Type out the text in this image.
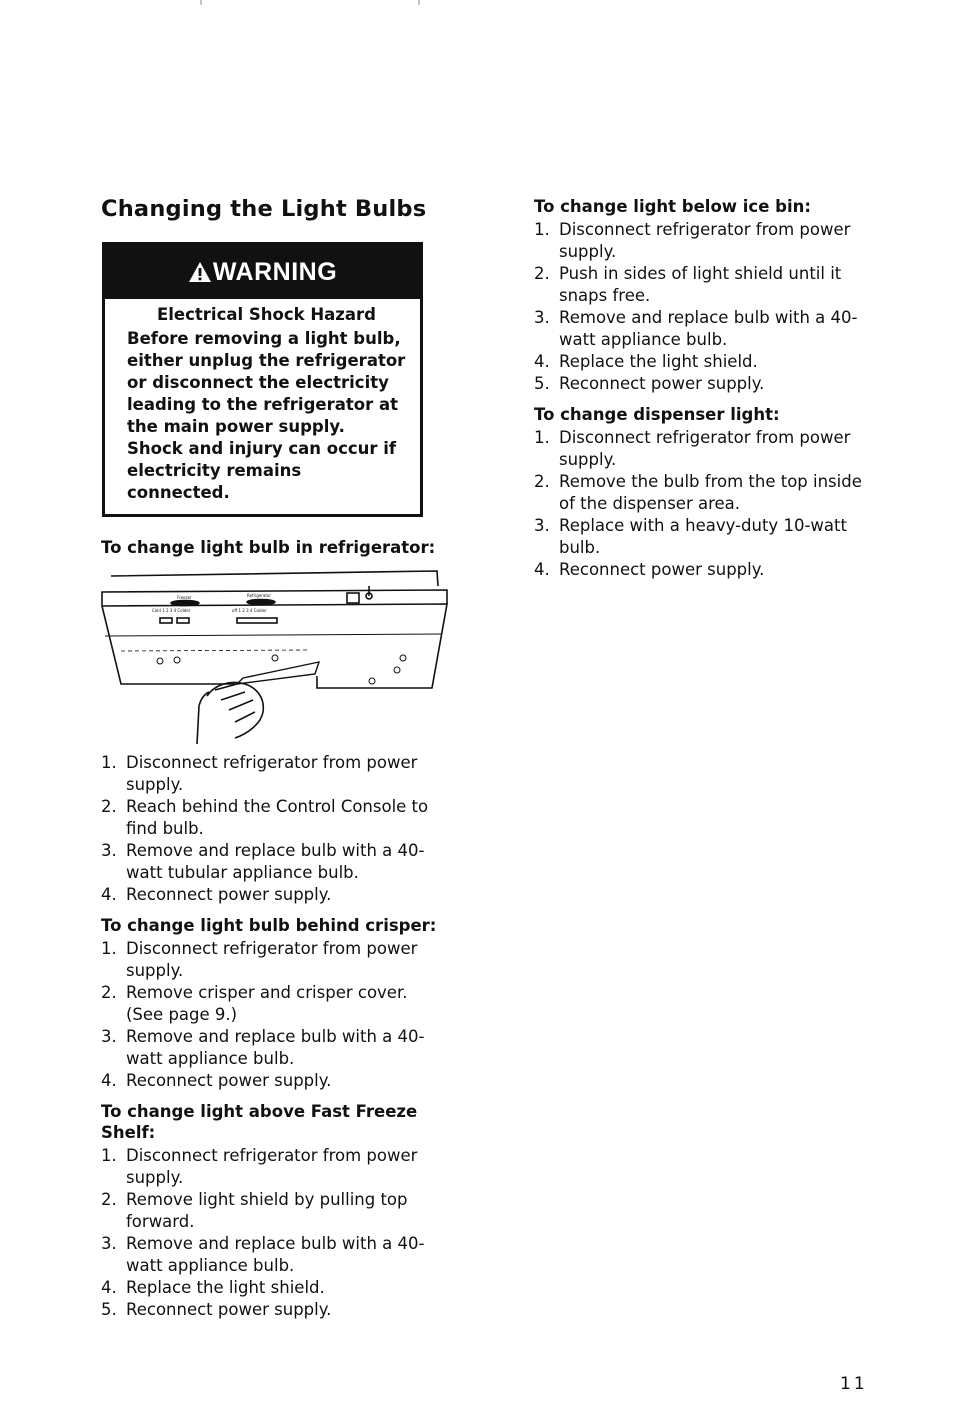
Changing the Light Bulbs
WARNING
Electrical Shock Hazard
Before removing a light bulb, either unplug the refrigerator or disconnect the electricity leading to the refrigerator at the main power supply. Shock and injury can occur if electricity remains connected.
To change light bulb in refrigerator:
Freezer	Refrigerator
Cold 1 2 3 4 Colder	off 1 2 3 4 Colder
1. Disconnect refrigerator from power supply.
2. Reach behind the Control Console to find bulb.
3. Remove and replace bulb with a 40-watt tubular appliance bulb.
4. Reconnect power supply.
To change light bulb behind crisper:
1. Disconnect refrigerator from power supply.
2. Remove crisper and crisper cover. (See page 9.)
3. Remove and replace bulb with a 40-watt appliance bulb.
4. Reconnect power supply.
To change light above Fast Freeze Shelf:
1. Disconnect refrigerator from power supply.
2. Remove light shield by pulling top forward.
3. Remove and replace bulb with a 40-watt appliance bulb.
4. Replace the light shield.
5. Reconnect power supply.
To change light below ice bin:
1. Disconnect refrigerator from power supply.
2. Push in sides of light shield until it snaps free.
3. Remove and replace bulb with a 40-watt appliance bulb.
4. Replace the light shield.
5. Reconnect power supply.
To change dispenser light:
1. Disconnect refrigerator from power supply.
2. Remove the bulb from the top inside of the dispenser area.
3. Replace with a heavy-duty 10-watt bulb.
4. Reconnect power supply.
11
